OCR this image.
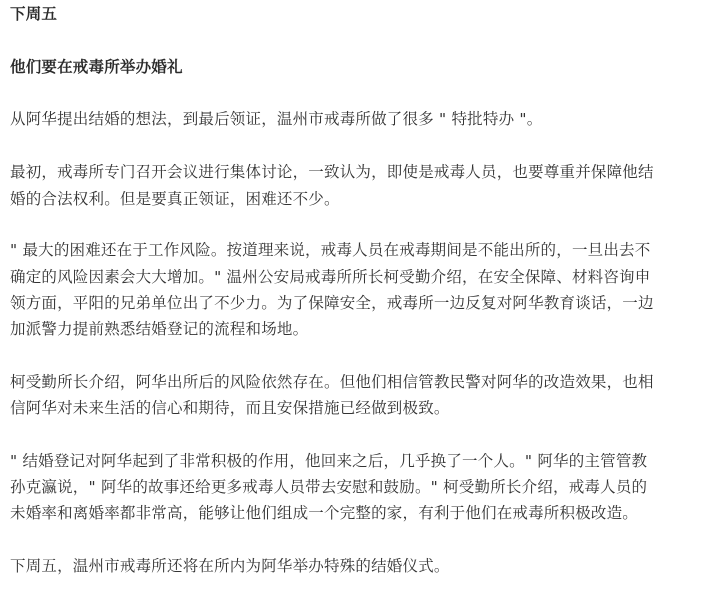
下周五
他们要在戒毒所举办婚礼
从阿华提出结婚的想法，到最后领证，温州市戒毒所做了很多 " 特批特办 "。
最初，戒毒所专门召开会议进行集体讨论，一致认为，即使是戒毒人员，也要尊重并保障他结
婚的合法权利。但是要真正领证，困难还不少。
" 最大的困难还在于工作风险。按道理来说，戒毒人员在戒毒期间是不能出所的，一旦出去不
确定的风险因素会大大增加。" 温州公安局戒毒所所长柯受勤介绍，在安全保障、材料咨询申
领方面，平阳的兄弟单位出了不少力。为了保障安全，戒毒所一边反复对阿华教育谈话，一边
加派警力提前熟悉结婚登记的流程和场地。
柯受勤所长介绍，阿华出所后的风险依然存在。但他们相信管教民警对阿华的改造效果，也相
信阿华对未来生活的信心和期待，而且安保措施已经做到极致。
" 结婚登记对阿华起到了非常积极的作用，他回来之后，几乎换了一个人。" 阿华的主管管教
孙克瀛说，" 阿华的故事还给更多戒毒人员带去安慰和鼓励。" 柯受勤所长介绍，戒毒人员的
未婚率和离婚率都非常高，能够让他们组成一个完整的家，有利于他们在戒毒所积极改造。
下周五，温州市戒毒所还将在所内为阿华举办特殊的结婚仪式。
